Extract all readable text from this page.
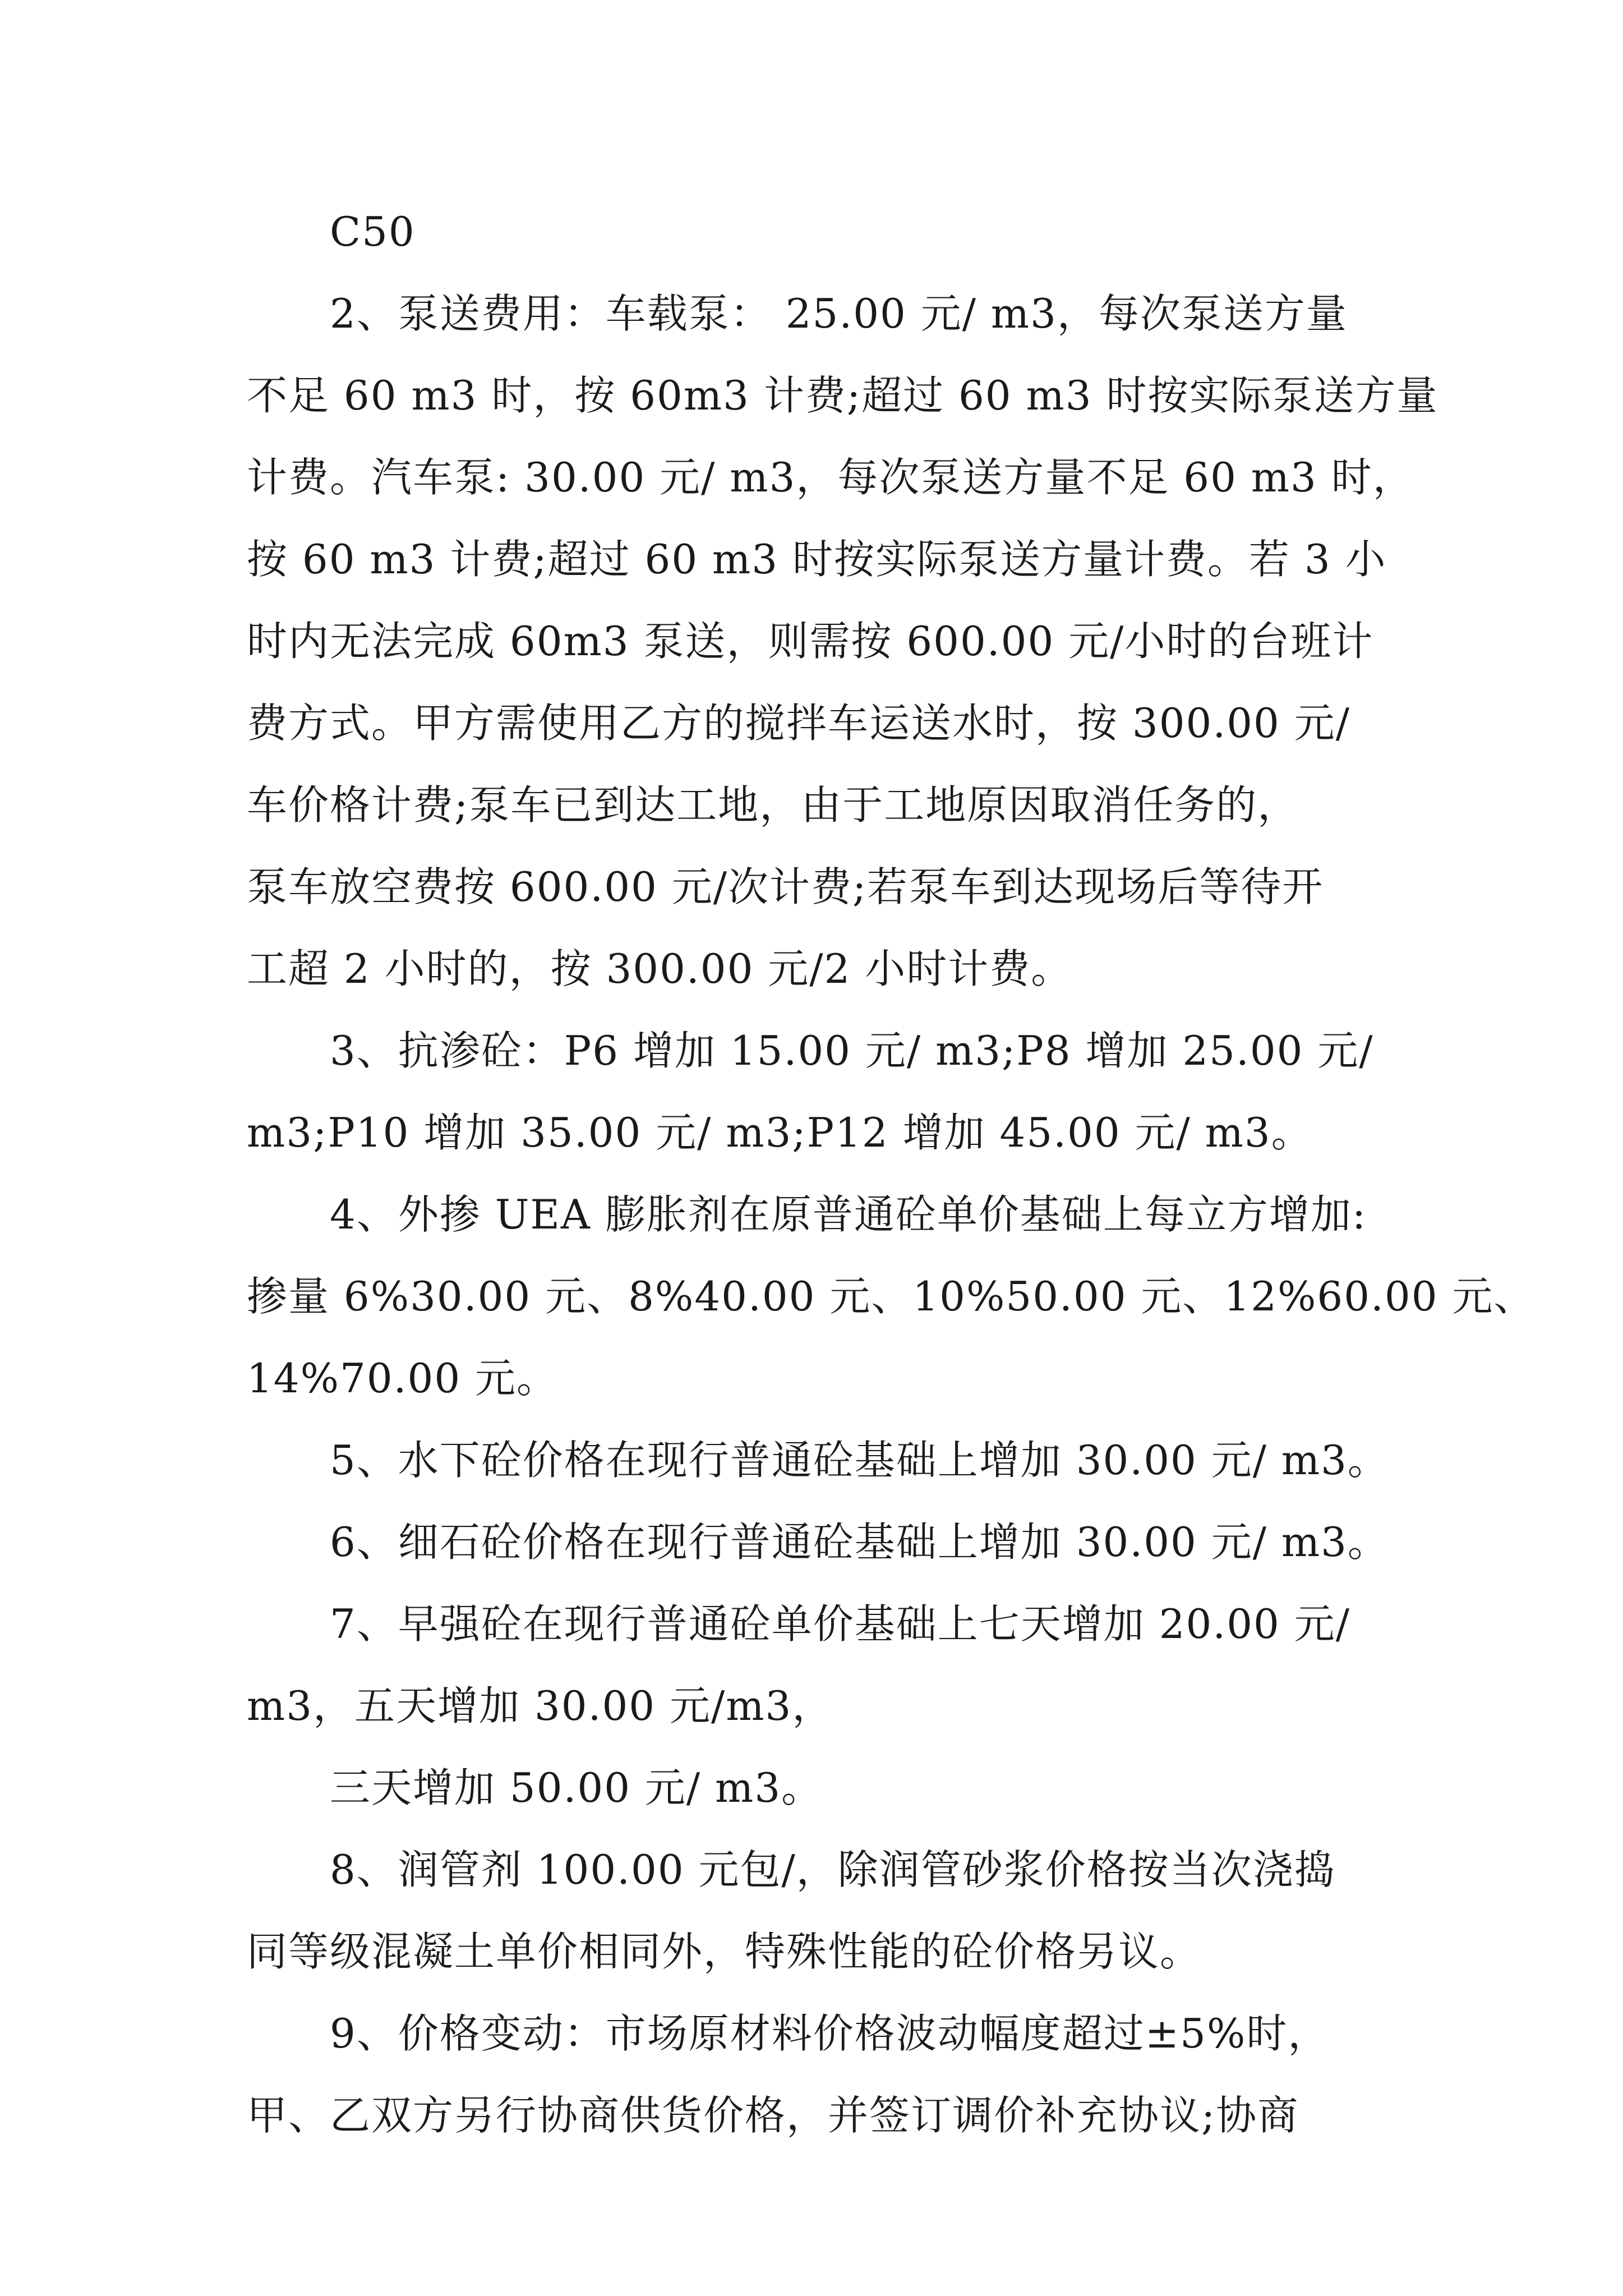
C50
2、泵送费用：车载泵： 25.00 元/ m3，每次泵送方量
不足 60 m3 时，按 60m3 计费;超过 60 m3 时按实际泵送方量
计费。汽车泵: 30.00 元/ m3，每次泵送方量不足 60 m3 时，
按 60 m3 计费;超过 60 m3 时按实际泵送方量计费。若 3 小
时内无法完成 60m3 泵送，则需按 600.00 元/小时的台班计
费方式。甲方需使用乙方的搅拌车运送水时，按 300.00 元/
车价格计费;泵车已到达工地，由于工地原因取消任务的，
泵车放空费按 600.00 元/次计费;若泵车到达现场后等待开
工超 2 小时的，按 300.00 元/2 小时计费。
3、抗渗砼：P6 增加 15.00 元/ m3;P8 增加 25.00 元/
m3;P10 增加 35.00 元/ m3;P12 增加 45.00 元/ m3。
4、外掺 UEA 膨胀剂在原普通砼单价基础上每立方增加:
掺量 6%30.00 元、8%40.00 元、10%50.00 元、12%60.00 元、
14%70.00 元。
5、水下砼价格在现行普通砼基础上增加 30.00 元/ m3。
6、细石砼价格在现行普通砼基础上增加 30.00 元/ m3。
7、早强砼在现行普通砼单价基础上七天增加 20.00 元/
m3，五天增加 30.00 元/m3，
三天增加 50.00 元/ m3。
8、润管剂 100.00 元包/，除润管砂浆价格按当次浇捣
同等级混凝土单价相同外，特殊性能的砼价格另议。
9、价格变动：市场原材料价格波动幅度超过±5%时，
甲、乙双方另行协商供货价格，并签订调价补充协议;协商
